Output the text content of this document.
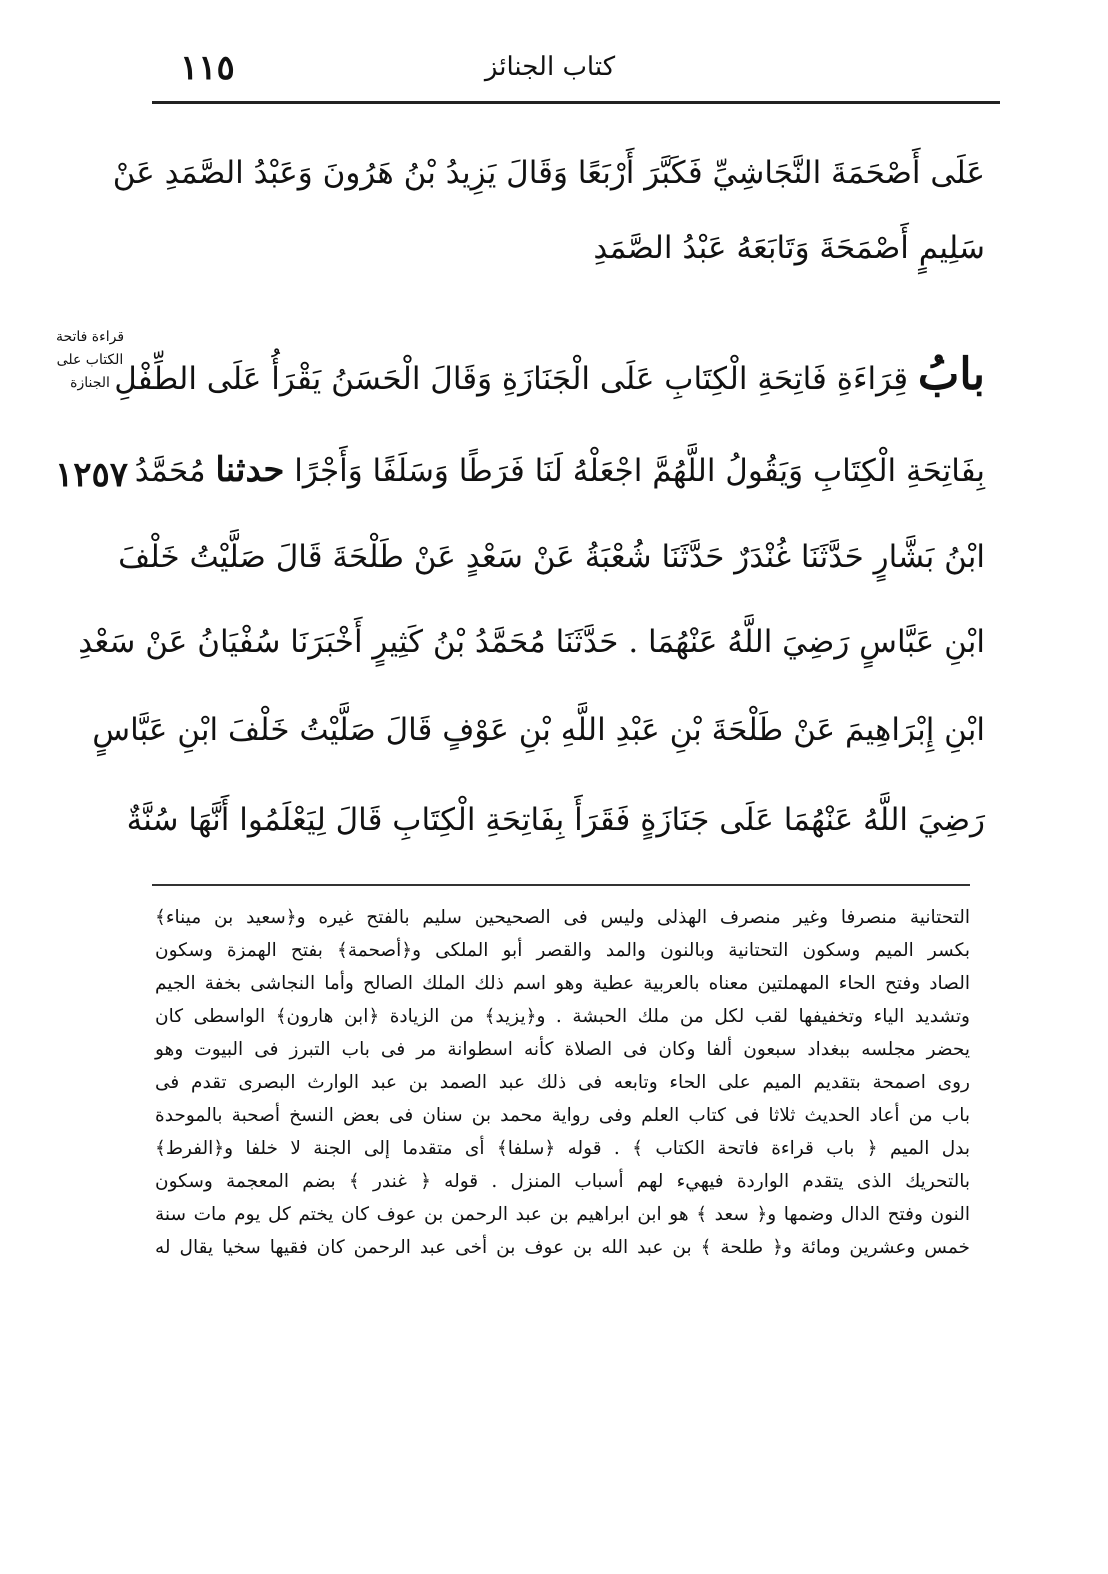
كتاب الجنائز
١١٥
عَلَى أَصْحَمَةَ النَّجَاشِيِّ فَكَبَّرَ أَرْبَعًا وَقَالَ يَزِيدُ بْنُ هَرُونَ وَعَبْدُ الصَّمَدِ عَنْ
سَلِيمٍ أَصْمَحَةَ وَتَابَعَهُ عَبْدُ الصَّمَدِ
بابُ قِرَاءَةِ فَاتِحَةِ الْكِتَابِ عَلَى الْجَنَازَةِ وَقَالَ الْحَسَنُ يَقْرَأُ عَلَى الطِّفْلِ
بِفَاتِحَةِ الْكِتَابِ وَيَقُولُ اللَّهُمَّ اجْعَلْهُ لَنَا فَرَطًا وَسَلَفًا وَأَجْرًا حدثنا مُحَمَّدُ
ابْنُ بَشَّارٍ حَدَّثَنَا غُنْدَرٌ حَدَّثَنَا شُعْبَةُ عَنْ سَعْدٍ عَنْ طَلْحَةَ قَالَ صَلَّيْتُ خَلْفَ
ابْنِ عَبَّاسٍ رَضِيَ اللَّهُ عَنْهُمَا . حَدَّثَنَا مُحَمَّدُ بْنُ كَثِيرٍ أَخْبَرَنَا سُفْيَانُ عَنْ سَعْدِ
ابْنِ إِبْرَاهِيمَ عَنْ طَلْحَةَ بْنِ عَبْدِ اللَّهِ بْنِ عَوْفٍ قَالَ صَلَّيْتُ خَلْفَ ابْنِ عَبَّاسٍ
رَضِيَ اللَّهُ عَنْهُمَا عَلَى جَنَازَةٍ فَقَرَأَ بِفَاتِحَةِ الْكِتَابِ قَالَ لِيَعْلَمُوا أَنَّهَا سُنَّةٌ
قراءة فاتحة
الكتاب على
الجنازة
١٢٥٧
التحتانية منصرفا وغير منصرف الهذلى وليس فى الصحيحين سليم بالفتح غيره و﴿سعيد بن ميناء﴾
بكسر الميم وسكون التحتانية وبالنون والمد والقصر أبو الملكى و﴿أصحمة﴾ بفتح الهمزة وسكون
الصاد وفتح الحاء المهملتين معناه بالعربية عطية وهو اسم ذلك الملك الصالح وأما النجاشى بخفة الجيم
وتشديد الياء وتخفيفها لقب لكل من ملك الحبشة . و﴿يزيد﴾ من الزيادة ﴿ابن هارون﴾ الواسطى كان
يحضر مجلسه ببغداد سبعون ألفا وكان فى الصلاة كأنه اسطوانة مر فى باب التبرز فى البيوت وهو
روى اصمحة بتقديم الميم على الحاء وتابعه فى ذلك عبد الصمد بن عبد الوارث البصرى تقدم فى
باب من أعاد الحديث ثلاثا فى كتاب العلم وفى رواية محمد بن سنان فى بعض النسخ أصحبة بالموحدة
بدل الميم ﴿ باب قراءة فاتحة الكتاب ﴾ . قوله ﴿سلفا﴾ أى متقدما إلى الجنة لا خلفا و﴿الفرط﴾
بالتحريك الذى يتقدم الواردة فيهيء لهم أسباب المنزل . قوله ﴿ غندر ﴾ بضم المعجمة وسكون
النون وفتح الدال وضمها و﴿ سعد ﴾ هو ابن ابراهيم بن عبد الرحمن بن عوف كان يختم كل يوم مات سنة
خمس وعشرين ومائة و﴿ طلحة ﴾ بن عبد الله بن عوف بن أخى عبد الرحمن كان فقيها سخيا يقال له
